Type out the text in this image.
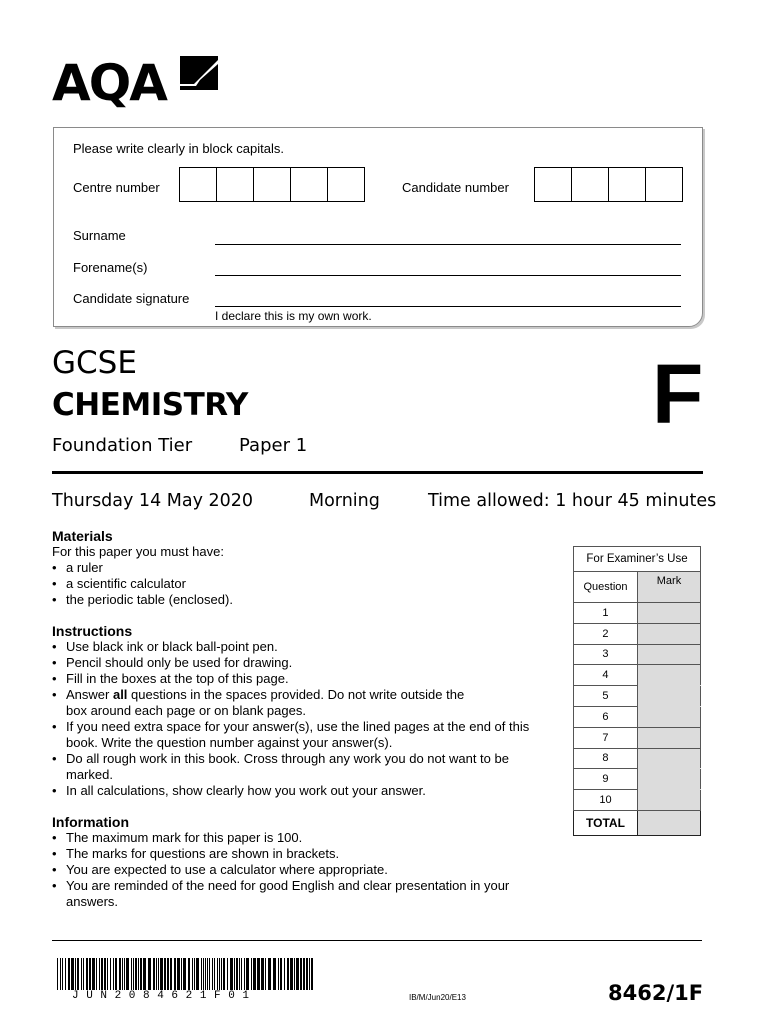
AQA
Please write clearly in block capitals.
Centre number	Candidate number
Surname
Forename(s)
Candidate signature
I declare this is my own work.
GCSE
CHEMISTRY
Foundation Tier	Paper 1
F
Thursday 14 May 2020	Morning	Time allowed: 1 hour 45 minutes
Materials
For this paper you must have:
• a ruler
• a scientific calculator
• the periodic table (enclosed).
Instructions
• Use black ink or black ball-point pen.
• Pencil should only be used for drawing.
• Fill in the boxes at the top of this page.
• Answer all questions in the spaces provided. Do not write outside the box around each page or on blank pages.
• If you need extra space for your answer(s), use the lined pages at the end of this book. Write the question number against your answer(s).
• Do all rough work in this book. Cross through any work you do not want to be marked.
• In all calculations, show clearly how you work out your answer.
Information
• The maximum mark for this paper is 100.
• The marks for questions are shown in brackets.
• You are expected to use a calculator where appropriate.
• You are reminded of the need for good English and clear presentation in your answers.
For Examiner’s Use	
Question	Mark
1	
2	
3	
4	
5	
6	
7	
8	
9	
10	
TOTAL	
J U N 2 0 8 4 6 2 1 F 0 1	IB/M/Jun20/E13	8462/1F
